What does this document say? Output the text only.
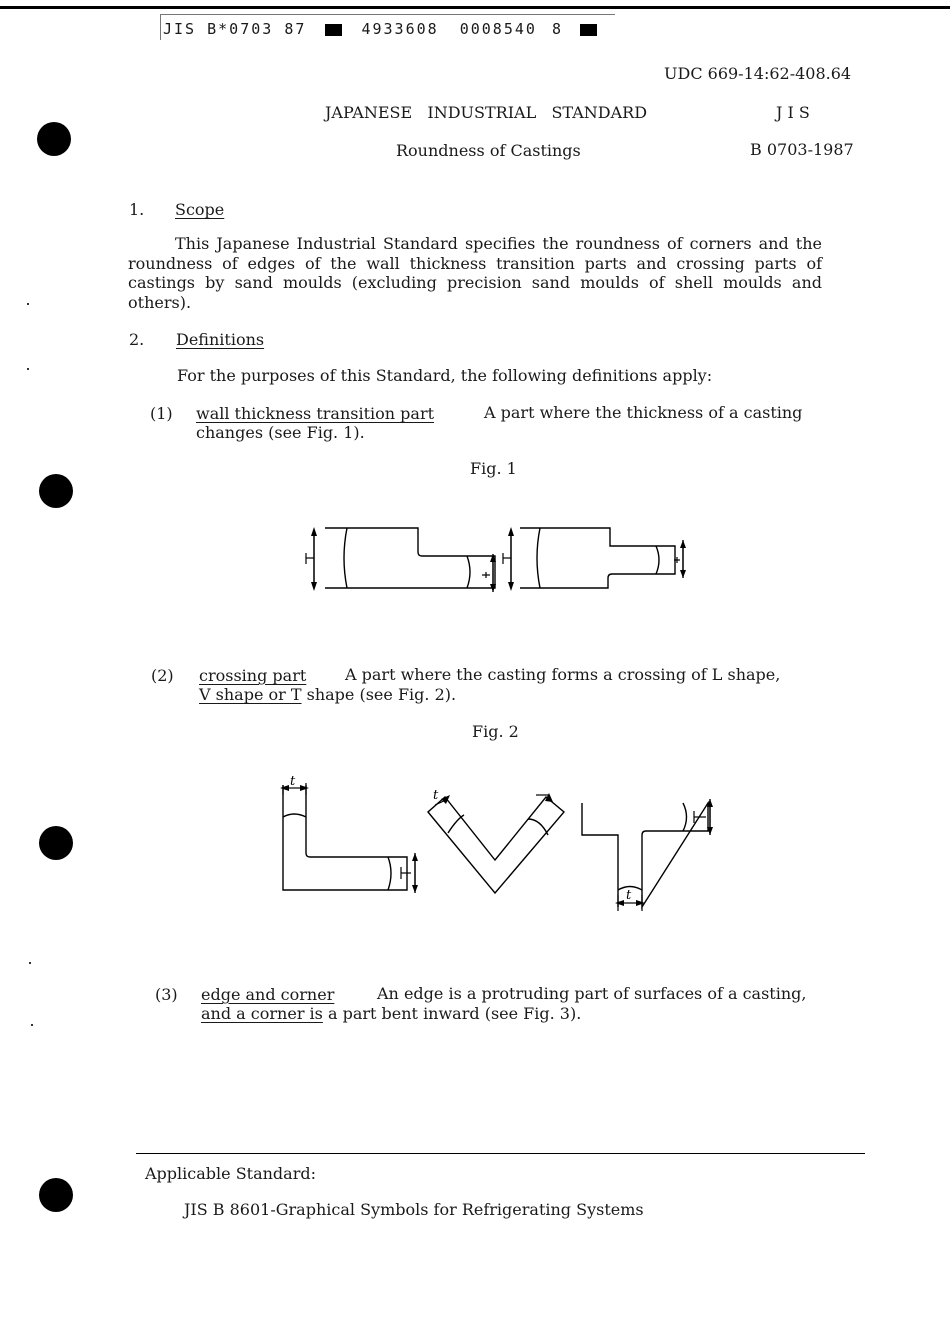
JIS B*0703 87	4933608 0008540 8
UDC 669-14:62-408.64
JAPANESE   INDUSTRIAL   STANDARD	J I S
Roundness of Castings	B 0703-1987
1. Scope
This Japanese Industrial Standard specifies the roundness of corners and the roundness of edges of the wall thickness transition parts and crossing parts of castings by sand moulds (excluding precision sand moulds of shell moulds and others).
2. Definitions
For the purposes of this Standard, the following definitions apply:
(1) wall thickness transition part	A part where the thickness of a casting
changes (see Fig. 1).
Fig. 1
(2) crossing part A part where the casting forms a crossing of L shape,
V shape or T shape (see Fig. 2).
Fig. 2
t
t
t
(3) edge and corner	An edge is a protruding part of surfaces of a casting,
and a corner is a part bent inward (see Fig. 3).
Applicable Standard:
JIS B 8601-Graphical Symbols for Refrigerating Systems
